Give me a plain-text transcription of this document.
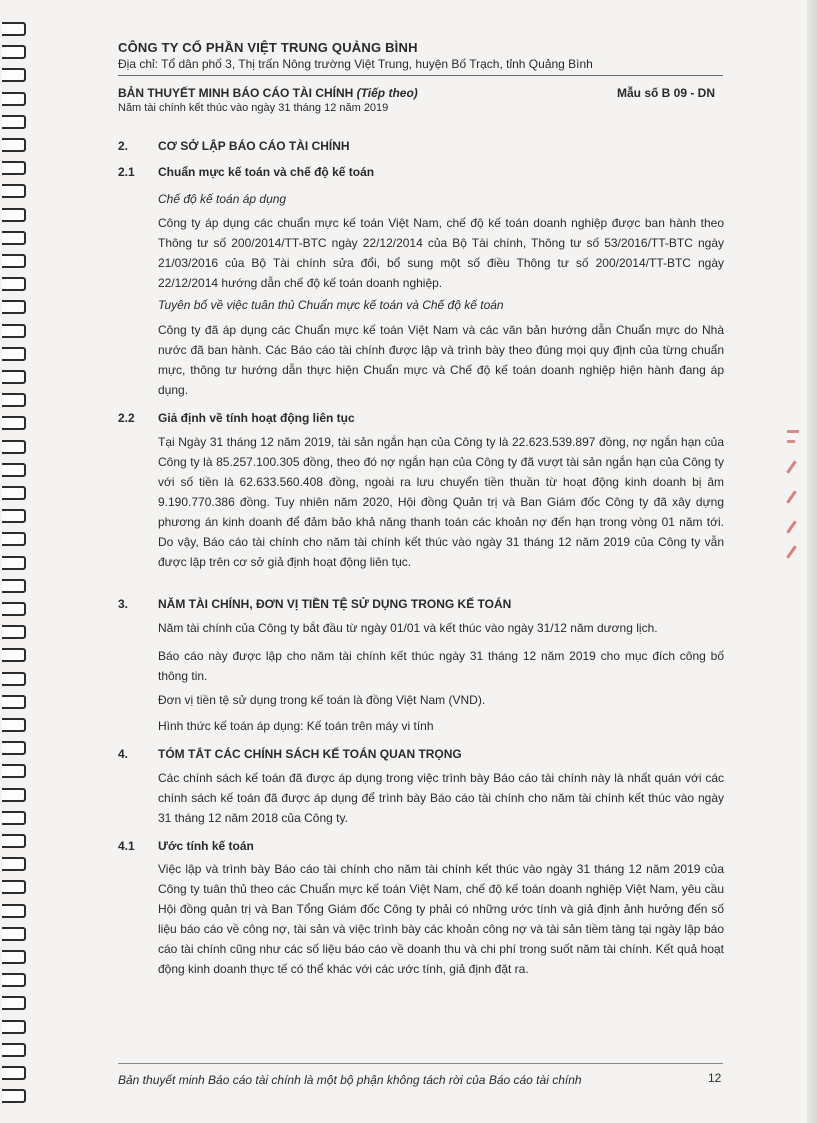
CÔNG TY CỔ PHẦN VIỆT TRUNG QUẢNG BÌNH
Địa chỉ: Tổ dân phố 3, Thị trấn Nông trường Việt Trung, huyện Bố Trạch, tỉnh Quảng Bình
BẢN THUYẾT MINH BÁO CÁO TÀI CHÍNH (Tiếp theo)	Mẫu số B 09 - DN
Năm tài chính kết thúc vào ngày 31 tháng 12 năm 2019
2. CƠ SỞ LẬP BÁO CÁO TÀI CHÍNH
2.1 Chuẩn mực kế toán và chế độ kế toán
Chế độ kế toán áp dụng

Công ty áp dụng các chuẩn mực kế toán Việt Nam, chế độ kế toán doanh nghiệp được ban hành theo Thông tư số 200/2014/TT-BTC ngày 22/12/2014 của Bộ Tài chính, Thông tư số 53/2016/TT-BTC ngày 21/03/2016 của Bộ Tài chính sửa đổi, bổ sung một số điều Thông tư số 200/2014/TT-BTC ngày 22/12/2014 hướng dẫn chế độ kế toán doanh nghiệp.

Tuyên bố về việc tuân thủ Chuẩn mực kế toán và Chế độ kế toán

Công ty đã áp dụng các Chuẩn mực kế toán Việt Nam và các văn bản hướng dẫn Chuẩn mực do Nhà nước đã ban hành. Các Báo cáo tài chính được lập và trình bày theo đúng mọi quy định của từng chuẩn mực, thông tư hướng dẫn thực hiện Chuẩn mực và Chế độ kế toán doanh nghiệp hiện hành đang áp dụng.

2.2 Giả định về tính hoạt động liên tục

Tại Ngày 31 tháng 12 năm 2019, tài sản ngắn hạn của Công ty là 22.623.539.897 đồng, nợ ngắn hạn của Công ty là 85.257.100.305 đồng, theo đó nợ ngắn hạn của Công ty đã vượt tài sản ngắn hạn của Công ty với số tiền là 62.633.560.408 đồng, ngoài ra lưu chuyển tiền thuần từ hoạt động kinh doanh bị âm 9.190.770.386 đồng. Tuy nhiên năm 2020, Hội đồng Quản trị và Ban Giám đốc Công ty đã xây dựng phương án kinh doanh để đảm bảo khả năng thanh toán các khoản nợ đến hạn trong vòng 01 năm tới. Do vậy, Báo cáo tài chính cho năm tài chính kết thúc vào ngày 31 tháng 12 năm 2019 của Công ty vẫn được lập trên cơ sở giả định hoạt động liên tục.

3. NĂM TÀI CHÍNH, ĐƠN VỊ TIỀN TỆ SỬ DỤNG TRONG KẾ TOÁN
Năm tài chính của Công ty bắt đầu từ ngày 01/01 và kết thúc vào ngày 31/12 năm dương lịch.

Báo cáo này được lập cho năm tài chính kết thúc ngày 31 tháng 12 năm 2019 cho mục đích công bố thông tin.

Đơn vị tiền tệ sử dụng trong kế toán là đồng Việt Nam (VND).
Hình thức kế toán áp dụng: Kế toán trên máy vi tính
4. TÓM TẮT CÁC CHÍNH SÁCH KẾ TOÁN QUAN TRỌNG

Các chính sách kế toán đã được áp dụng trong việc trình bày Báo cáo tài chính này là nhất quán với các chính sách kế toán đã được áp dụng để trình bày Báo cáo tài chính cho năm tài chính kết thúc vào ngày 31 tháng 12 năm 2018 của Công ty.

4.1 Ước tính kế toán

Việc lập và trình bày Báo cáo tài chính cho năm tài chính kết thúc vào ngày 31 tháng 12 năm 2019 của Công ty tuân thủ theo các Chuẩn mực kế toán Việt Nam, chế độ kế toán doanh nghiệp Việt Nam, yêu cầu Hội đồng quản trị và Ban Tổng Giám đốc Công ty phải có những ước tính và giả định ảnh hưởng đến số liệu báo cáo về công nợ, tài sản và việc trình bày các khoản công nợ và tài sản tiềm tàng tại ngày lập báo cáo tài chính cũng như các số liệu báo cáo về doanh thu và chi phí trong suốt năm tài chính. Kết quả hoạt động kinh doanh thực tế có thể khác với các ước tính, giả định đặt ra.

Bản thuyết minh Báo cáo tài chính là một bộ phận không tách rời của Báo cáo tài chính	12
